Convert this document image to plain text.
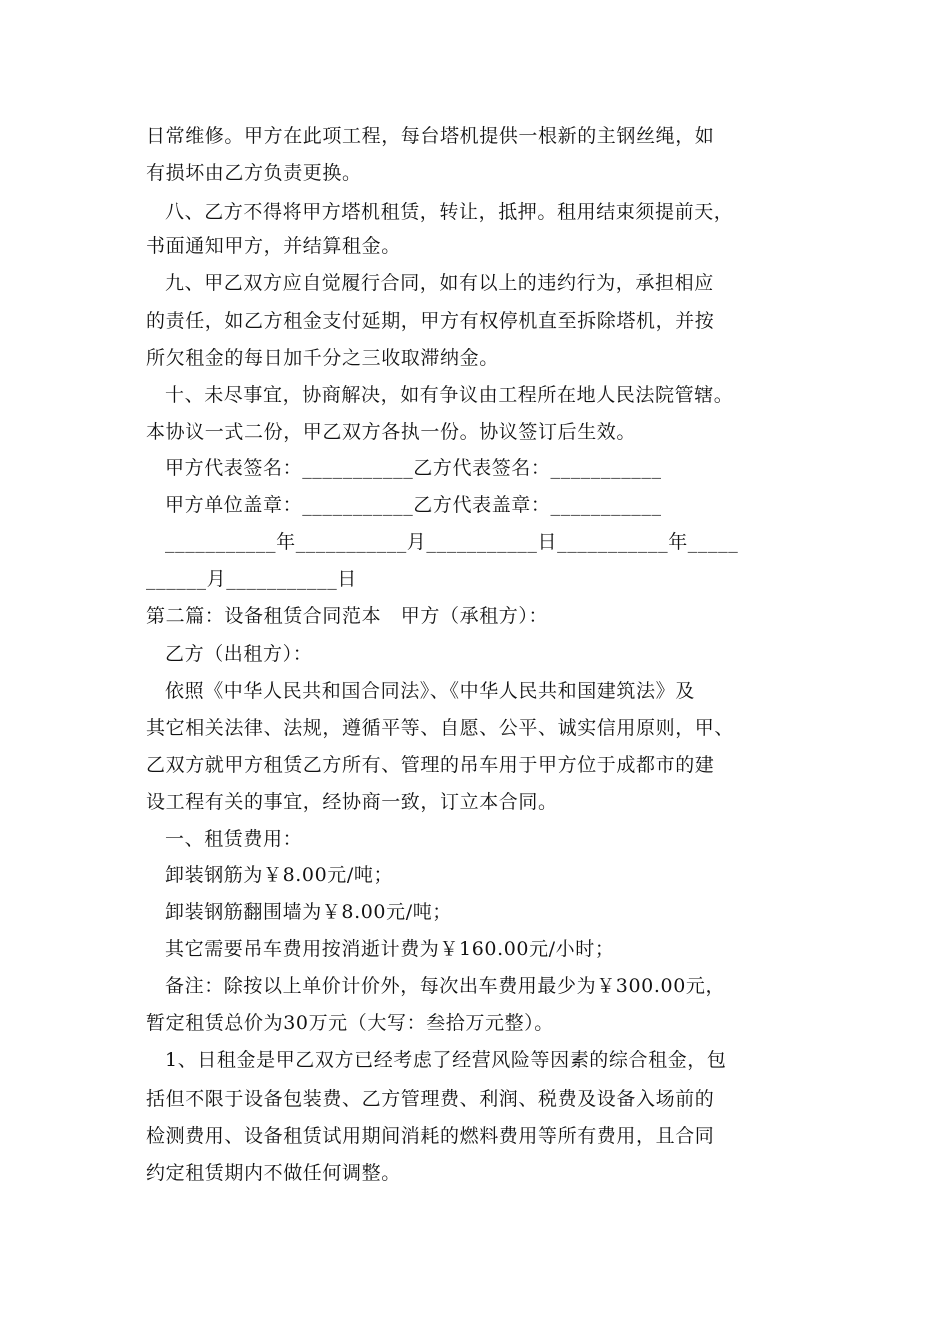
日常维修。甲方在此项工程，每台塔机提供一根新的主钢丝绳，如
有损坏由乙方负责更换。
八、乙方不得将甲方塔机租赁，转让，抵押。租用结束须提前天，
书面通知甲方，并结算租金。
九、甲乙双方应自觉履行合同，如有以上的违约行为，承担相应
的责任，如乙方租金支付延期，甲方有权停机直至拆除塔机，并按
所欠租金的每日加千分之三收取滞纳金。
十、未尽事宜，协商解决，如有争议由工程所在地人民法院管辖。
本协议一式二份，甲乙双方各执一份。协议签订后生效。
甲方代表签名：___________乙方代表签名：___________
甲方单位盖章：___________乙方代表盖章：___________
___________年___________月___________日___________年_____
______月___________日
第二篇：设备租赁合同范本　甲方（承租方）：
乙方（出租方）：
依照《中华人民共和国合同法》、《中华人民共和国建筑法》及
其它相关法律、法规，遵循平等、自愿、公平、诚实信用原则，甲、
乙双方就甲方租赁乙方所有、管理的吊车用于甲方位于成都市的建
设工程有关的事宜，经协商一致，订立本合同。
一、租赁费用：
卸装钢筋为￥8.00元/吨；
卸装钢筋翻围墙为￥8.00元/吨；
其它需要吊车费用按消逝计费为￥160.00元/小时；
备注：除按以上单价计价外，每次出车费用最少为￥300.00元，
暂定租赁总价为30万元（大写：叁拾万元整）。
1、日租金是甲乙双方已经考虑了经营风险等因素的综合租金，包
括但不限于设备包装费、乙方管理费、利润、税费及设备入场前的
检测费用、设备租赁试用期间消耗的燃料费用等所有费用，且合同
约定租赁期内不做任何调整。
